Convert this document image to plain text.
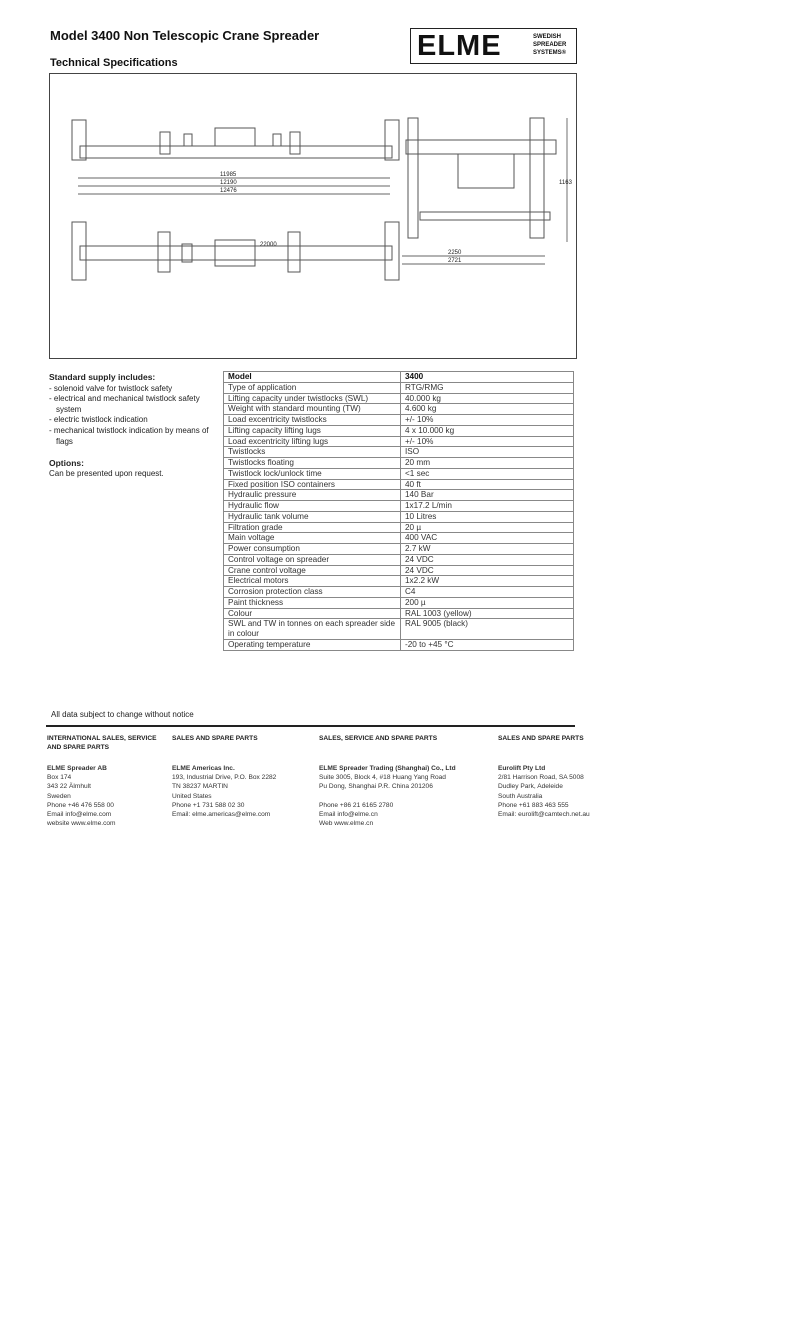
Model 3400 Non Telescopic Crane Spreader
Technical Specifications
ELME	SWEDISH
SPREADER
SYSTEMS®
11985
12190
12476
2250
2721
1163
22000
Standard supply includes:
- solenoid valve for twistlock safety
- electrical and mechanical twistlock safety system
- electric twistlock indication
- mechanical twistlock indication by means of flags
Options:
Can be presented upon request.
Model	3400
Type of application	RTG/RMG
Lifting capacity under twistlocks (SWL)	40.000 kg
Weight with standard mounting (TW)	4.600 kg
Load excentricity twistlocks	+/- 10%
Lifting capacity lifting lugs	4 x 10.000 kg
Load excentricity lifting lugs	+/- 10%
Twistlocks	ISO
Twistlocks floating	20 mm
Twistlock lock/unlock time	<1 sec
Fixed position ISO containers	40 ft
Hydraulic pressure	140 Bar
Hydraulic flow	1x17.2 L/min
Hydraulic tank volume	10 Litres
Filtration grade	20 µ
Main voltage	400 VAC
Power consumption	2.7 kW
Control voltage on spreader	24 VDC
Crane control voltage	24 VDC
Electrical motors	1x2.2 kW
Corrosion protection class	C4
Paint thickness	200 µ
Colour	RAL 1003 (yellow)
SWL and TW in tonnes on each spreader side in colour	RAL 9005 (black)
Operating temperature	-20 to +45 °C
All data subject to change without notice
INTERNATIONAL SALES, SERVICE AND SPARE PARTS
ELME Spreader AB
Box 174
343 22 Älmhult
Sweden
Phone +46 476 558 00
Email info@elme.com
website www.elme.com
SALES AND SPARE PARTS
ELME Americas Inc.
193, Industrial Drive, P.O. Box 2282
TN 38237 MARTIN
United States
Phone +1 731 588 02 30
Email: elme.americas@elme.com
SALES, SERVICE AND SPARE PARTS
ELME Spreader Trading (Shanghai) Co., Ltd
Suite 3005, Block 4, #18 Huang Yang Road
Pu Dong, Shanghai P.R. China 201206
Phone +86 21 6165 2780
Email info@elme.cn
Web www.elme.cn
SALES AND SPARE PARTS
Eurolift Pty Ltd
2/81 Harrison Road, SA 5008
Dudley Park, Adeleide
South Australia
Phone +61 883 463 555
Email: eurolift@camtech.net.au
